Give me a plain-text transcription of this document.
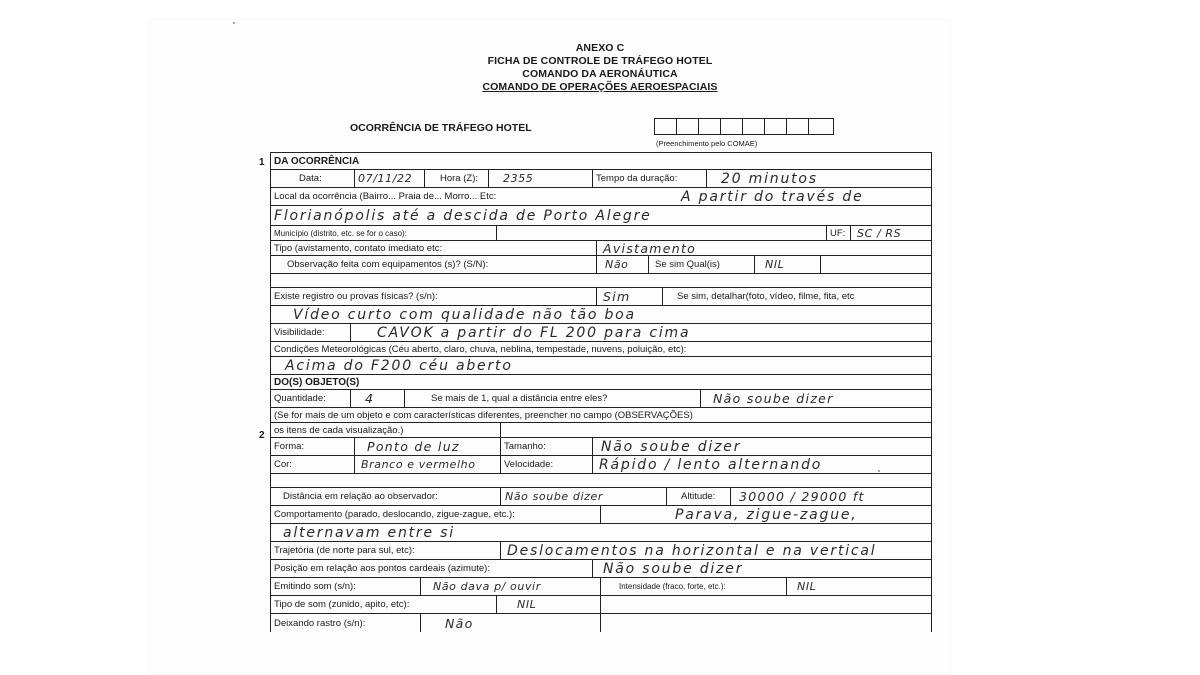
ANEXO C
FICHA DE CONTROLE DE TRÁFEGO HOTEL
COMANDO DA AERONÁUTICA
COMANDO DE OPERAÇÕES AEROESPACIAIS
OCORRÊNCIA DE TRÁFEGO HOTEL
(Preenchimento pelo COMAE)
1
2
DA OCORRÊNCIA
Data:	07/11/22	Hora (Z): 2355	Tempo da duração:	20 minutos
Local da ocorrência (Bairro... Praia de... Morro... Etc:	A partir do través de
Florianópolis até a descida de Porto Alegre
Município (distrito, etc. se for o caso):	UF: SC / RS
Tipo (avistamento, contato imediato etc:	Avistamento
Observação feita com equipamentos (s)? (S/N):	Não	Se sim Qual(is)	NIL
Existe registro ou provas físicas? (s/n):	Sim	Se sim, detalhar(foto, vídeo, filme, fita, etc
Vídeo curto com qualidade não tão boa
Visibilidade:	CAVOK a partir do FL 200 para cima
Condições Meteorológicas (Céu aberto, claro, chuva, neblina, tempestade, nuvens, poluição, etc):
Acima do F200 céu aberto
DO(S) OBJETO(S)
Quantidade:	4	Se mais de 1, qual a distância entre eles?	Não soube dizer
(Se for mais de um objeto e com características diferentes, preencher no campo (OBSERVAÇÕES)
os itens de cada visualização.)
Forma:	Ponto de luz	Tamanho:	Não soube dizer
Cor:	Branco e vermelho	Velocidade:	Rápido / lento alternando
Distância em relação ao observador:	Não soube dizer	Altitude: 30000 / 29000 ft
Comportamento (parado, deslocando, zigue-zague, etc.):	Parava, zigue-zague,
alternavam entre si
Trajetória (de norte para sul, etc):	Deslocamentos na horizontal e na vertical
Posição em relação aos pontos cardeais (azimute):	Não soube dizer
Emitindo som (s/n):	Não dava p/ ouvir	Intensidade (fraco, forte, etc.):	NIL
Tipo de som (zunido, apito, etc):	NIL
Deixando rastro (s/n):	Não
